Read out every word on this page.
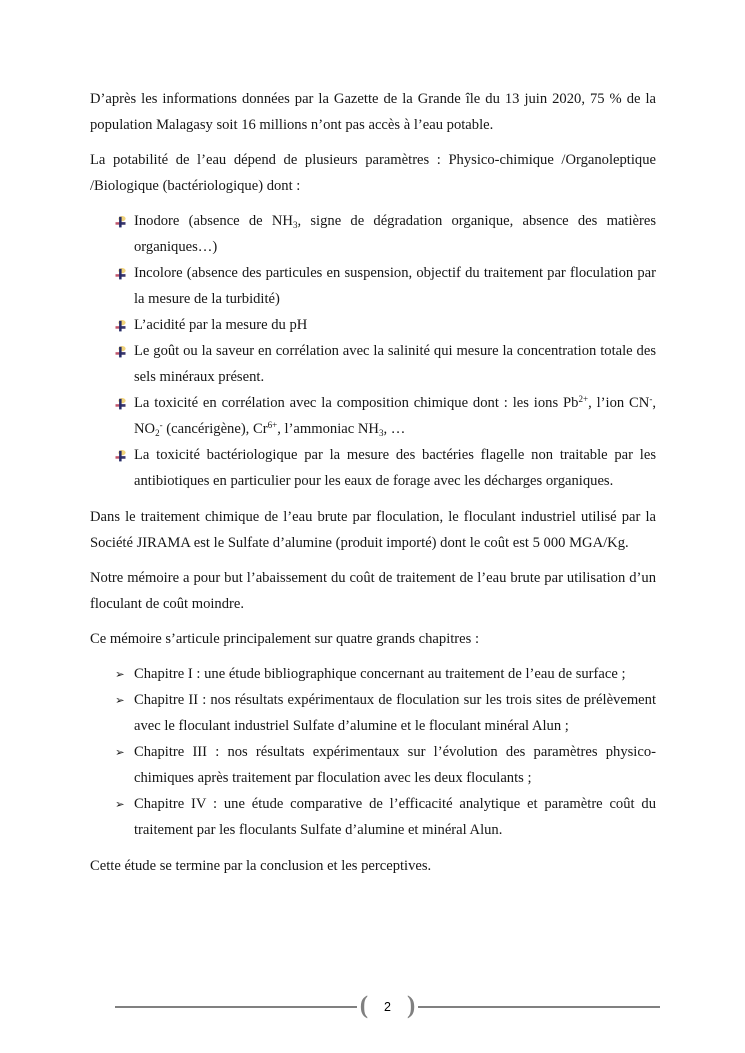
D’après les informations données par la Gazette de la Grande île du 13 juin 2020, 75 % de la population Malagasy soit 16 millions n’ont pas accès à l’eau potable.

La potabilité de l’eau dépend de plusieurs paramètres : Physico-chimique /Organoleptique /Biologique (bactériologique) dont :

Inodore (absence de $NH_3$, signe de dégradation organique, absence des matières organiques…)
Incolore (absence des particules en suspension, objectif du traitement par floculation par la mesure de la turbidité)
L’acidité par la mesure du pH
Le goût ou la saveur en corrélation avec la salinité qui mesure la concentration totale des sels minéraux présent.
La toxicité en corrélation avec la composition chimique dont : les ions $Pb^{2+}$, l’ion CN-, $NO_2^-$ (cancérigène), $Cr^{6+}$, l’ammoniac $NH_3$, …
La toxicité bactériologique par la mesure des bactéries flagelle non traitable par les antibiotiques en particulier pour les eaux de forage avec les décharges organiques.

Dans le traitement chimique de l’eau brute par floculation, le floculant industriel utilisé par la Société JIRAMA est le Sulfate d’alumine (produit importé) dont le coût est 5 000 MGA/Kg.

Notre mémoire a pour but l’abaissement du coût de traitement de l’eau brute par utilisation d’un floculant de coût moindre.

Ce mémoire s’articule principalement sur quatre grands chapitres :

➢ Chapitre I : une étude bibliographique concernant au traitement de l’eau de surface ;
➢ Chapitre II : nos résultats expérimentaux de floculation sur les trois sites de prélèvement avec le floculant industriel Sulfate d’alumine et le floculant minéral Alun ;
➢ Chapitre III : nos résultats expérimentaux sur l’évolution des paramètres physico-chimiques après traitement par floculation avec les deux floculants ;
➢ Chapitre IV : une étude comparative de l’efficacité analytique et paramètre coût du traitement par les floculants Sulfate d’alumine et minéral Alun.

Cette étude se termine par la conclusion et les perceptives.

( 2 )
